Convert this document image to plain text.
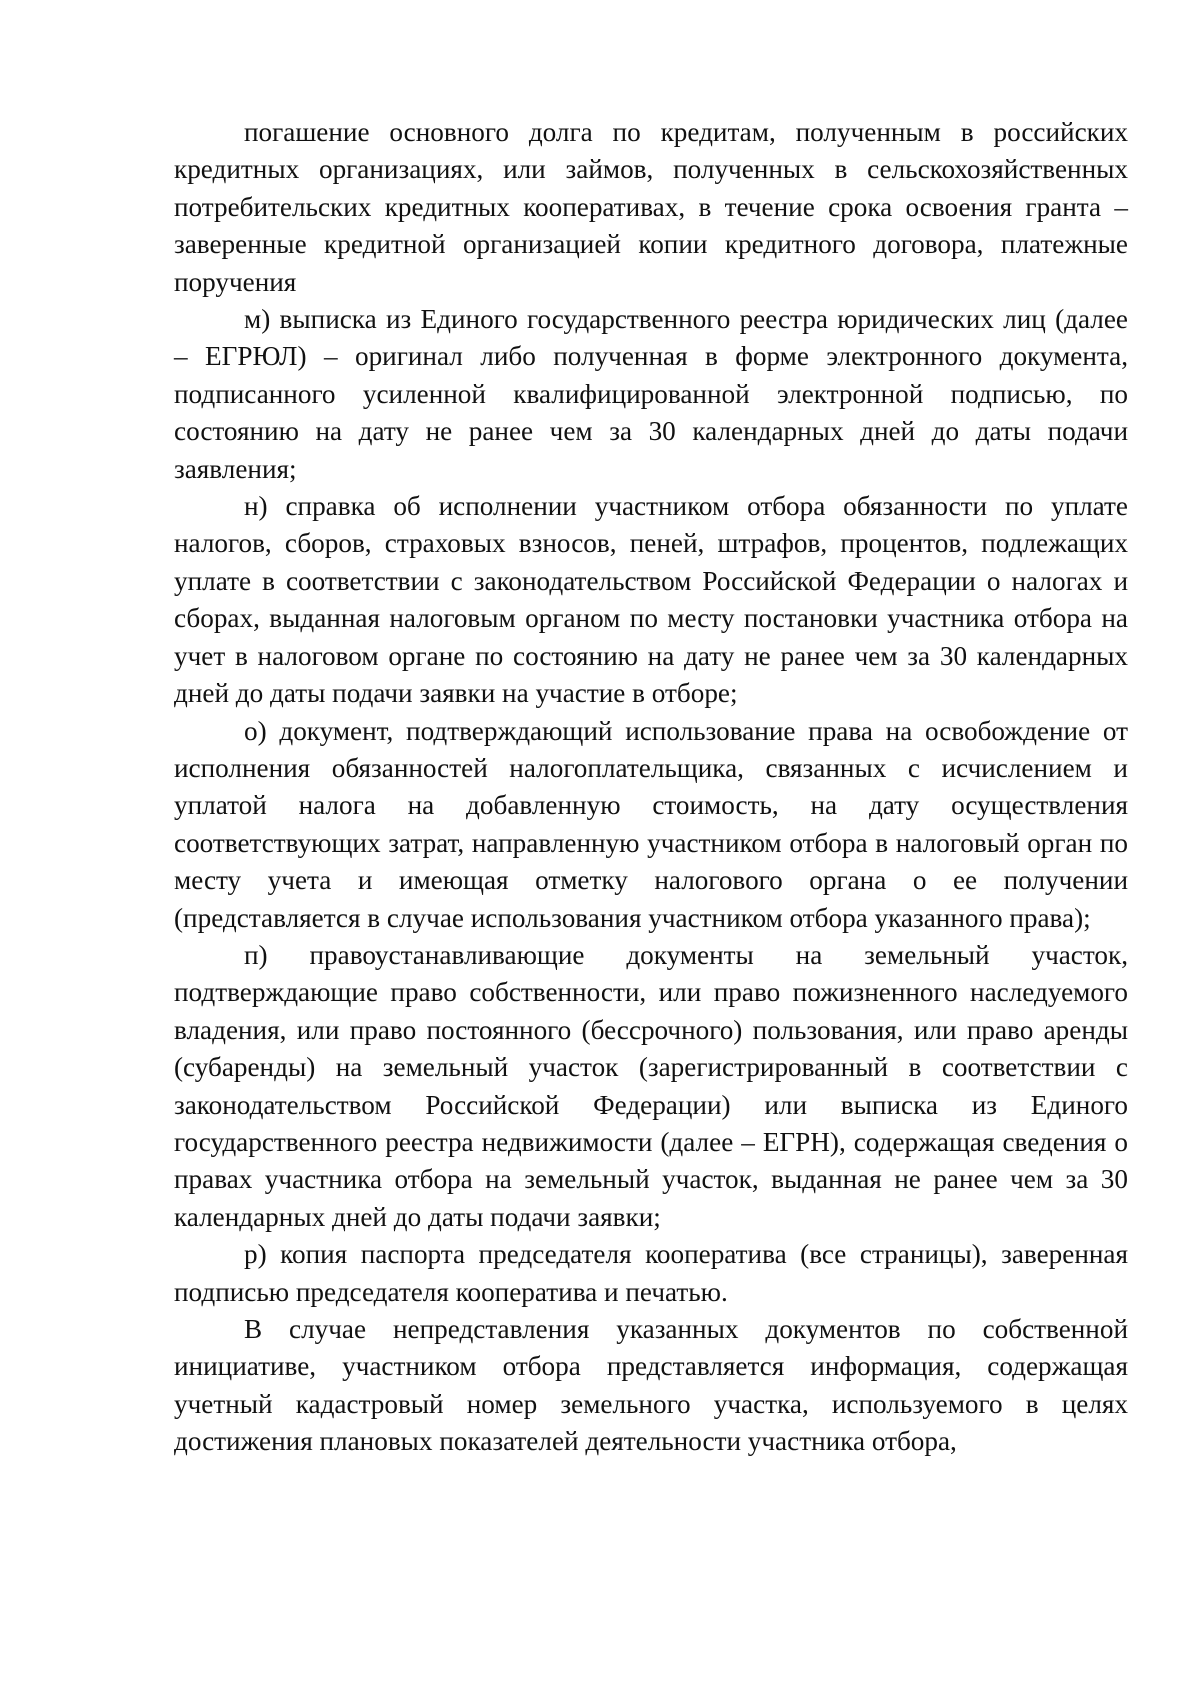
погашение основного долга по кредитам, полученным в российских кредитных организациях, или займов, полученных в сельскохозяйственных потребительских кредитных кооперативах, в течение срока освоения гранта – заверенные кредитной организацией копии кредитного договора, платежные поручения

м) выписка из Единого государственного реестра юридических лиц (далее – ЕГРЮЛ) – оригинал либо полученная в форме электронного документа, подписанного усиленной квалифицированной электронной подписью, по состоянию на дату не ранее чем за 30 календарных дней до даты подачи заявления;

н) справка об исполнении участником отбора обязанности по уплате налогов, сборов, страховых взносов, пеней, штрафов, процентов, подлежащих уплате в соответствии с законодательством Российской Федерации о налогах и сборах, выданная налоговым органом по месту постановки участника отбора на учет в налоговом органе по состоянию на дату не ранее чем за 30 календарных дней до даты подачи заявки на участие в отборе;

о) документ, подтверждающий использование права на освобождение от исполнения обязанностей налогоплательщика, связанных с исчислением и уплатой налога на добавленную стоимость, на дату осуществления соответствующих затрат, направленную участником отбора в налоговый орган по месту учета и имеющая отметку налогового органа о ее получении (представляется в случае использования участником отбора указанного права);

п) правоустанавливающие документы на земельный участок, подтверждающие право собственности, или право пожизненного наследуемого владения, или право постоянного (бессрочного) пользования, или право аренды (субаренды) на земельный участок (зарегистрированный в соответствии с законодательством Российской Федерации) или выписка из Единого государственного реестра недвижимости (далее – ЕГРН), содержащая сведения о правах участника отбора на земельный участок, выданная не ранее чем за 30 календарных дней до даты подачи заявки;

р) копия паспорта председателя кооператива (все страницы), заверенная подписью председателя кооператива и печатью.

В случае непредставления указанных документов по собственной инициативе, участником отбора представляется информация, содержащая учетный кадастровый номер земельного участка, используемого в целях достижения плановых показателей деятельности участника отбора,
